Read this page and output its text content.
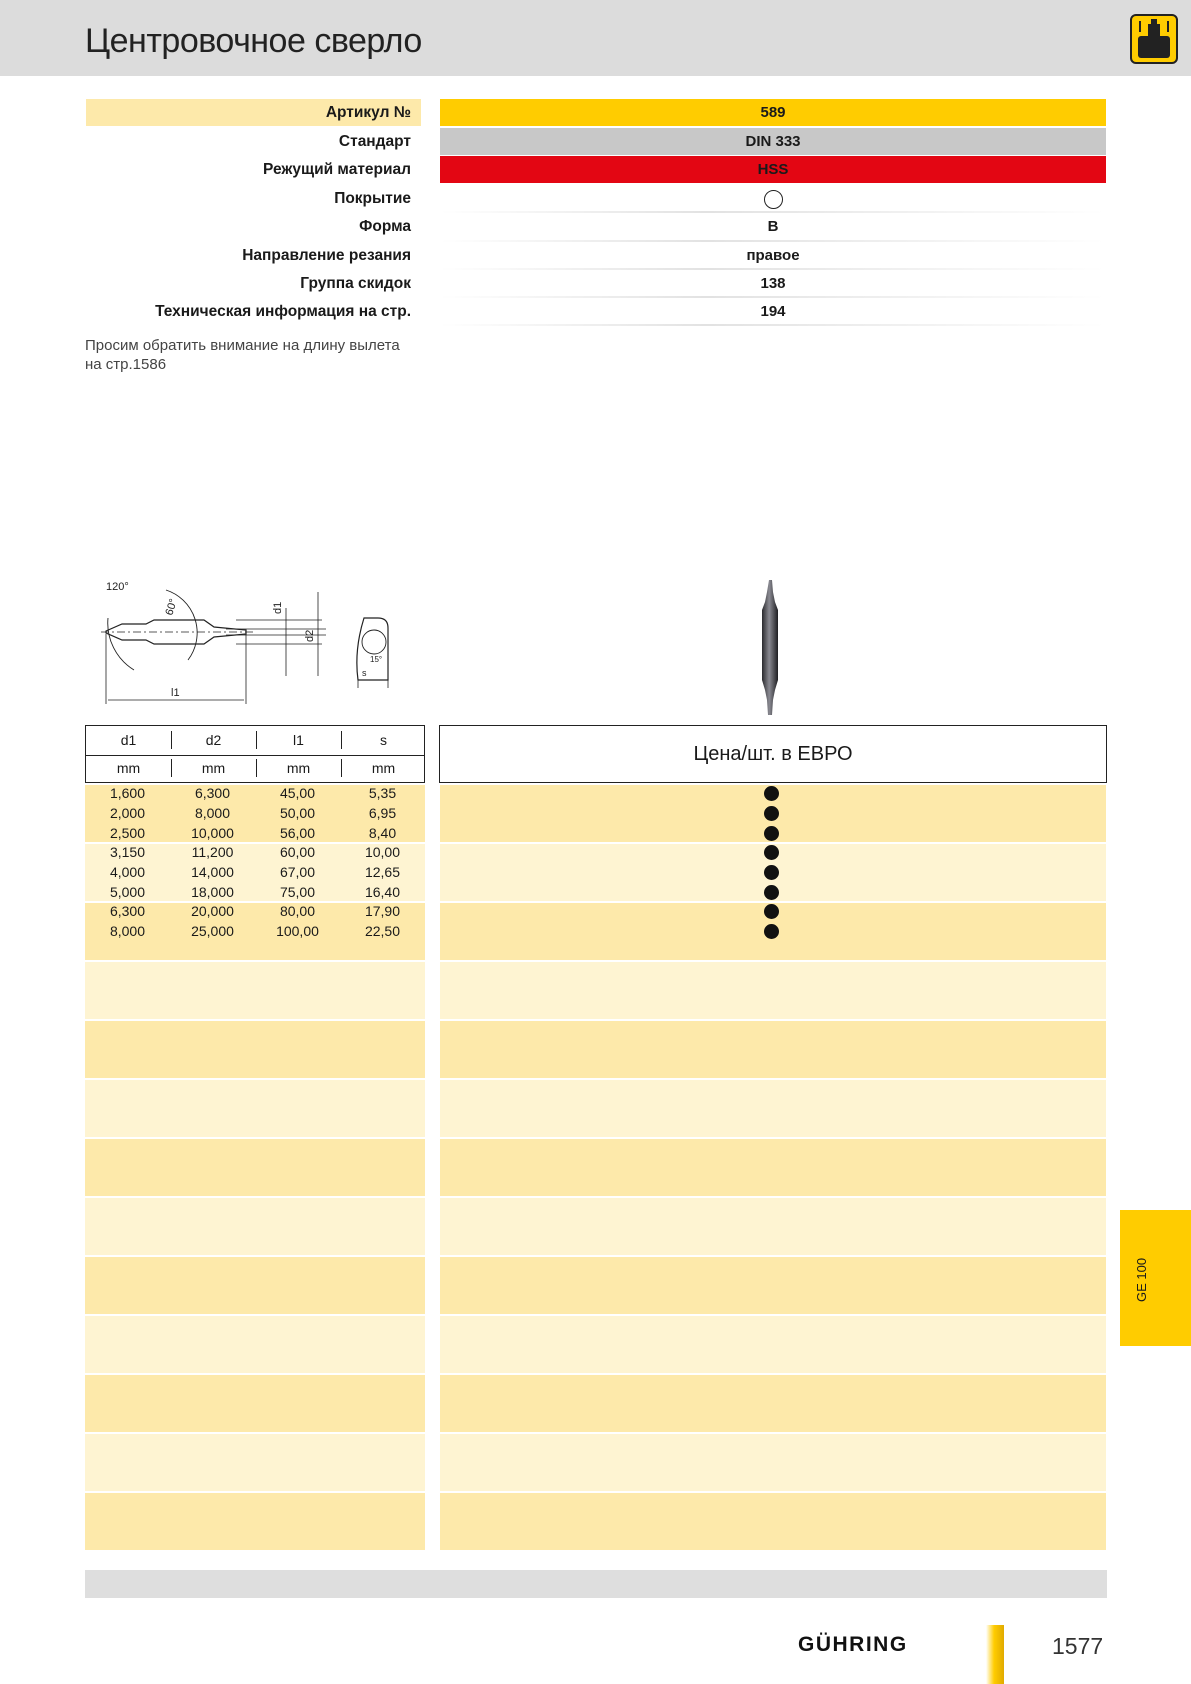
Центровочное сверло
Артикул №	589
Стандарт	DIN 333
Режущий материал	HSS
Покрытие
Форма	B
Направление резания	правое
Группа скидок	138
Техническая информация на стр.	194
Просим обратить внимание на длину вылета
на стр.1586
120°
60°	d1
d2
l1
15°
s
d1	d2	l1	s
mm	mm	mm	mm
Цена/шт. в ЕВРО
1,600	6,300	45,00	5,35
2,000	8,000	50,00	6,95
2,500	10,000	56,00	8,40
3,150	11,200	60,00	10,00
4,000	14,000	67,00	12,65
5,000	18,000	75,00	16,40
6,300	20,000	80,00	17,90
8,000	25,000	100,00	22,50
GE 100
GÜHRING	1577
